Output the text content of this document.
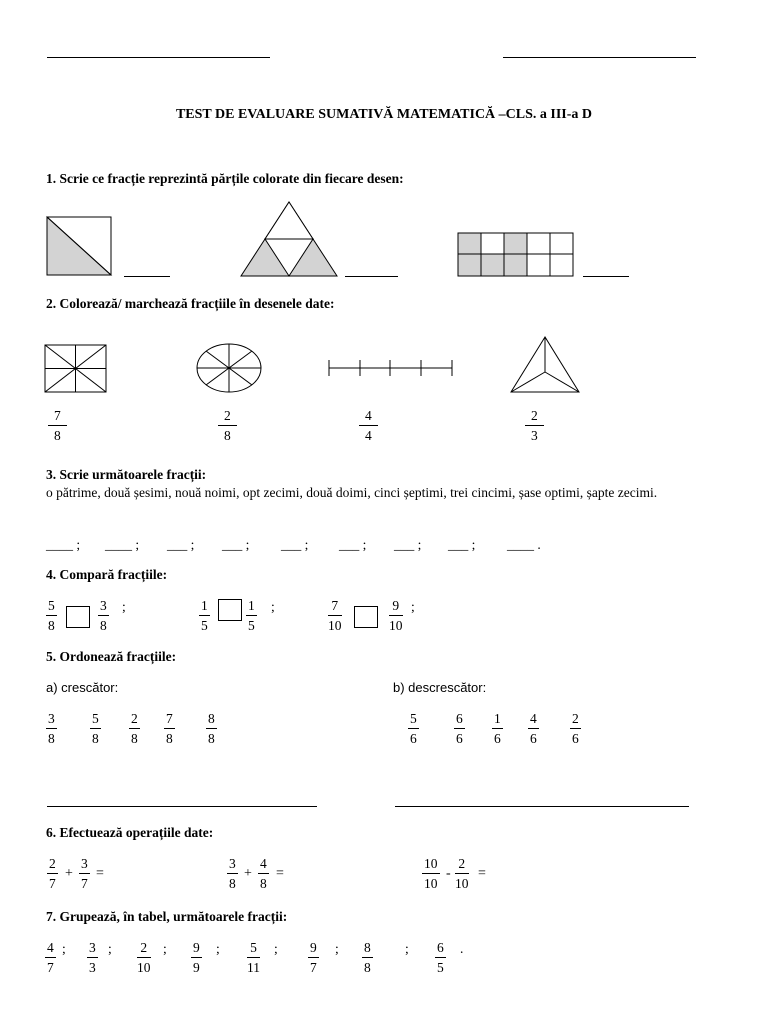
TEST DE EVALUARE SUMATIVĂ MATEMATICĂ –CLS. a III-a D
1. Scrie ce fracție reprezintă părțile colorate din fiecare desen:
2. Colorează/ marchează fracțiile în desenele date:
$\frac{7}{8}$	$\frac{2}{8}$	$\frac{4}{4}$	$\frac{2}{3}$
3. Scrie următoarele fracții:
o pătrime, două șesimi, nouă noimi, opt zecimi, două doimi, cinci șeptimi, trei cincimi, șase optimi, șapte zecimi.
____ ; ____ ; ___ ; ___ ; ___ ; ___ ; ___ ; ___ ; ____ .
4. Compară fracțiile:
$\frac{5}{8}$	$\frac{3}{8}$ ;	$\frac{1}{5}$	$\frac{1}{5}$ ;	$\frac{7}{10}$	$\frac{9}{10}$ ;
5. Ordonează fracțiile:
a) crescător:	b) descrescător:
$\frac{3}{8} \frac{5}{8} \frac{2}{8} \frac{7}{8} \frac{8}{8}$	$\frac{5}{6}$	$\frac{6}{6} \frac{1}{6} \frac{4}{6} \frac{2}{6}$
6. Efectuează operațiile date:
$\frac{2}{7} + \frac{3}{7}$ =	$\frac{3}{8} + \frac{4}{8}$ =	$\frac{10}{10} - \frac{2}{10}$ =
7. Grupează, în tabel, următoarele fracții:
$\frac{4}{7}$ ; $\frac{3}{3}$ ; $\frac{2}{10}$ ; $\frac{9}{9}$ ; $\frac{5}{11}$ ; $\frac{9}{7}$ ; $\frac{8}{8}$ ; $\frac{6}{5}$ .
